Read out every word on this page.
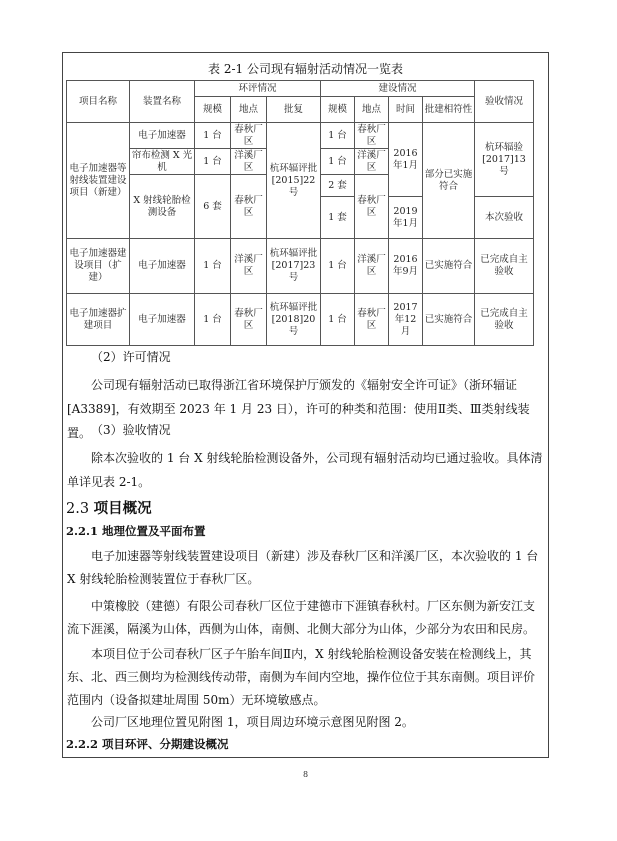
表 2-1 公司现有辐射活动情况一览表
项目名称	装置名称	环评情况			建设情况				验收情况
		规模	地点	批复	规模	地点	时间	批建相符性	
电子加速器等射线装置建设项目（新建）	电子加速器	1 台	春秋厂区	杭环辐评批[2015]22号	1 台	春秋厂区	2016年1月	部分已实施符合	杭环辐验[2017]13 号
	帘布检测 X 光机	1 台	洋溪厂区		1 台	洋溪厂区			
	X 射线轮胎检测设备	6 套	春秋厂区		2 套	春秋厂区			
					1 套		2019年1月		本次验收
电子加速器建设项目（扩建）	电子加速器	1 台	洋溪厂区	杭环辐评批[2017]23号	1 台	洋溪厂区	2016年9月	已实施符合	已完成自主验收
电子加速器扩建项目	电子加速器	1 台	春秋厂区	杭环辐评批[2018]20号	1 台	春秋厂区	2017年12月	已实施符合	已完成自主验收
（2）许可情况
公司现有辐射活动已取得浙江省环境保护厅颁发的《辐射安全许可证》（浙环辐证[A3389]，有效期至 2023 年 1 月 23 日），许可的种类和范围：使用Ⅱ类、Ⅲ类射线装置。 （3）验收情况
除本次验收的 1 台 X 射线轮胎检测设备外，公司现有辐射活动均已通过验收。具体清单详见表 2-1。
2.3 项目概况
2.2.1 地理位置及平面布置
电子加速器等射线装置建设项目（新建）涉及春秋厂区和洋溪厂区，本次验收的 1 台 X 射线轮胎检测装置位于春秋厂区。
中策橡胶（建德）有限公司春秋厂区位于建德市下涯镇春秋村。厂区东侧为新安江支流下涯溪，隔溪为山体，西侧为山体，南侧、北侧大部分为山体，少部分为农田和民房。
本项目位于公司春秋厂区子午胎车间Ⅱ内，X 射线轮胎检测设备安装在检测线上，其东、北、西三侧均为检测线传动带，南侧为车间内空地，操作位位于其东南侧。项目评价范围内（设备拟建址周围 50m）无环境敏感点。
公司厂区地理位置见附图 1，项目周边环境示意图见附图 2。
2.2.2 项目环评、分期建设概况
8
